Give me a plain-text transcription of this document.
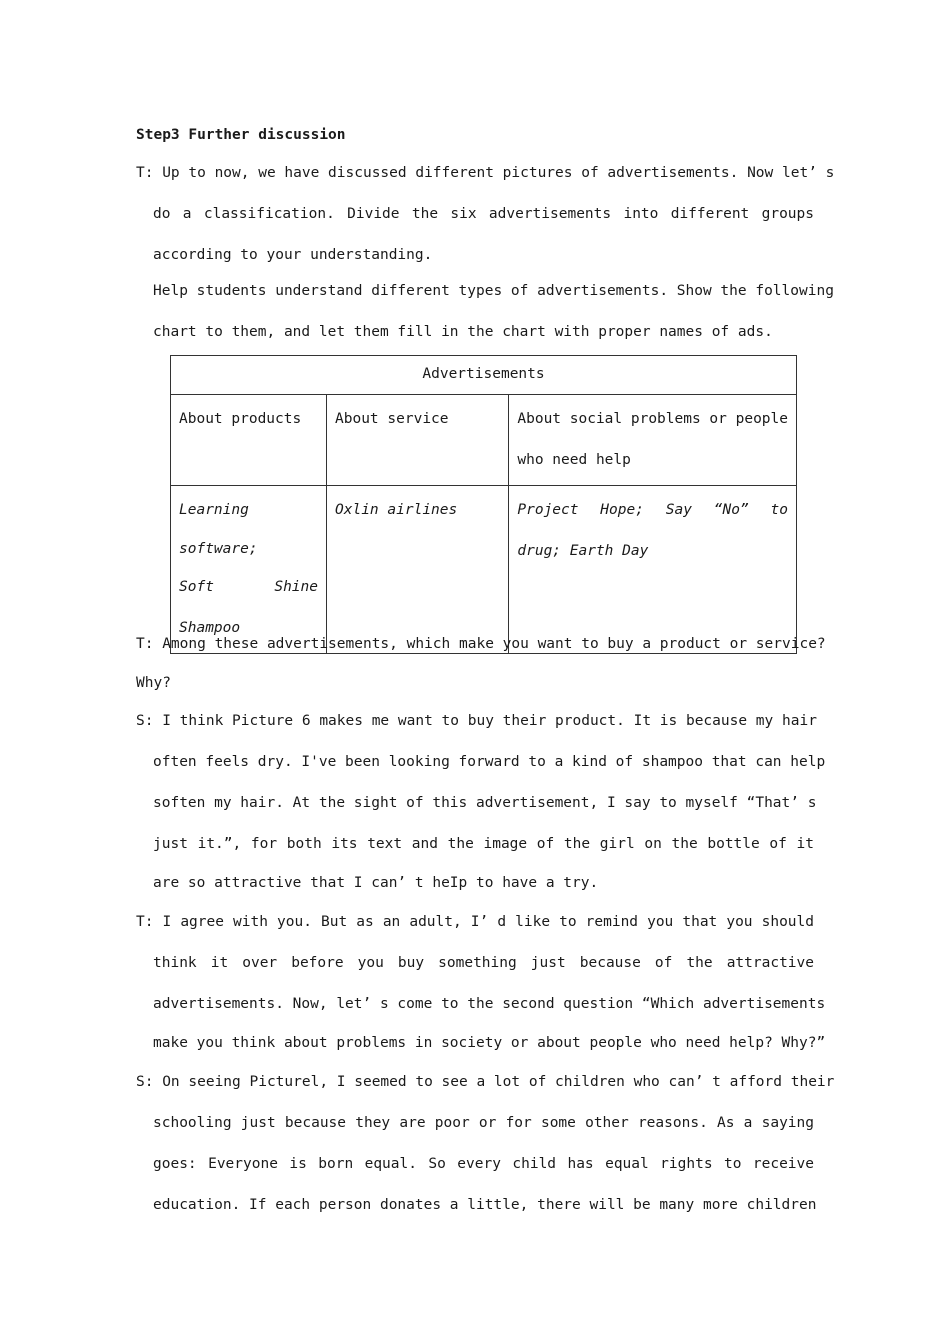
Step3 Further discussion
T: Up to now, we have discussed different pictures of advertisements. Now let’ s
do a classification. Divide the six advertisements into different groups
according to your understanding.
Help students understand different types of advertisements. Show the following
chart to them, and let them fill in the chart with proper names of ads.
Advertisements		
About products	About service	About social problems or people
who need help

Learning
software;
Soft Shine
Shampoo	Oxlin airlines	Project Hope; Say “No” to
drug; Earth Day
T: Among these advertisements, which make you want to buy a product or service?
Why?
S: I think Picture 6 makes me want to buy their product. It is because my hair
often feels dry. I've been looking forward to a kind of shampoo that can help
soften my hair. At the sight of this advertisement, I say to myself “That’ s
just it.”, for both its text and the image of the girl on the bottle of it
are so attractive that I can’ t heIp to have a try.
T: I agree with you. But as an adult, I’ d like to remind you that you should
think it over before you buy something just because of the attractive
advertisements. Now, let’ s come to the second question “Which advertisements
make you think about problems in society or about people who need help? Why?”
S: On seeing Picturel, I seemed to see a lot of children who can’ t afford their
schooling just because they are poor or for some other reasons. As a saying
goes: Everyone is born equal. So every child has equal rights to receive
education. If each person donates a little, there will be many more children
